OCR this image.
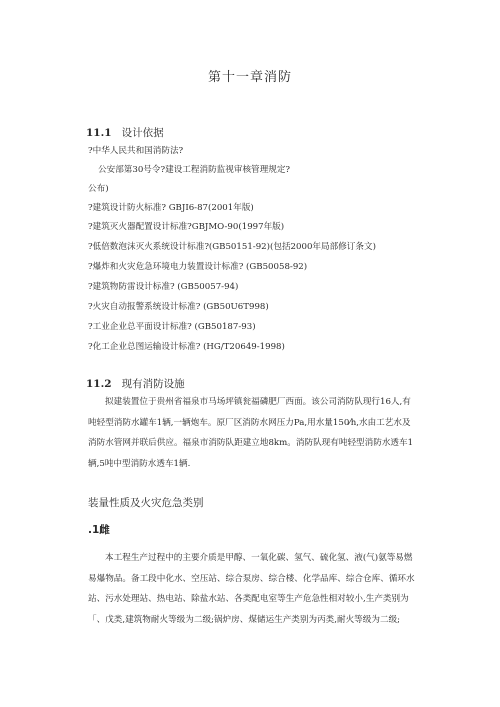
第十一章消防
11.1 设计依据
?中华人民共和国消防法?
公安部第30号令?建设工程消防监视审核管理规定?
公布)
?建筑设计防火标准? GBJI6-87(2001年版)
?建筑灭火器配置设计标准?GBJMO-90(1997年版)
?低倍数泡沫灭火系统设计标准?(GB50151-92)(包括2000年局部修订条文)
?爆炸和火灾危急环境电力装置设计标准? (GB50058-92)
?建筑物防雷设计标准? (GB50057-94)
?火灾自动报警系统设计标准? (GB50U6T998)
?工业企业总平面设计标准? (GB50187-93)
?化工企业总图运输设计标准? (HG/T20649-1998)
11.2 现有消防设施
拟建装置位于贵州省福泉市马场坪镇瓮福磷肥厂西面。该公司消防队现行16人,有吨轻型消防水罐车1辆,一辆炮车。原厂区消防水网压力Pa,用水量150⁄h,水由工艺水及消防水管网并联后供应。福泉市消防队距建立地8km。消防队现有吨轻型消防水透车1辆,5吨中型消防水透车1辆.
装量性质及火灾危急类别
.1雌
本工程生产过程中的主要介质是甲醇、一氧化碳、氢气、硫化氢、液(气)氨等易燃易爆物品。备工段中化水、空压站、综合泵房、综合楼、化学品库、综合仓库、循环水站、污水处理站、热电站、除盐水站、各类配电室等生产危急性相对较小,生产类别为「、戊类,建筑物耐火等级为二级;锅炉房、煤储运生产类别为丙类,耐火等级为二级;
